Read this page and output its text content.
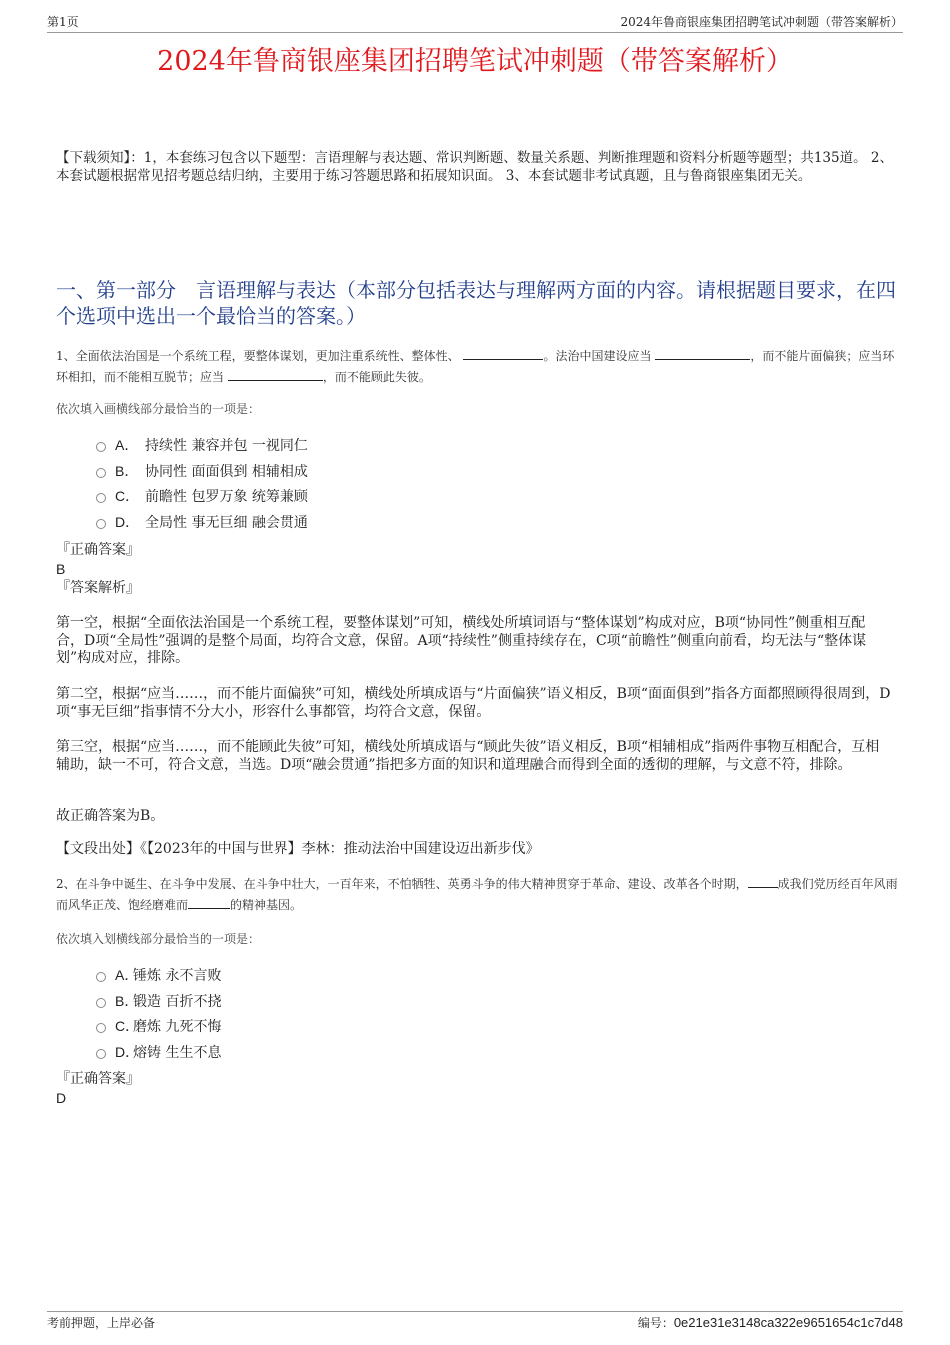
第1页	2024年鲁商银座集团招聘笔试冲刺题（带答案解析）
2024年鲁商银座集团招聘笔试冲刺题（带答案解析）
【下载须知】：1，本套练习包含以下题型：言语理解与表达题、常识判断题、数量关系题、判断推理题和资料分析题等题型；共135道。 2、本套试题根据常见招考题总结归纳，主要用于练习答题思路和拓展知识面。 3、本套试题非考试真题，且与鲁商银座集团无关。
一、第一部分　言语理解与表达（本部分包括表达与理解两方面的内容。请根据题目要求，在四个选项中选出一个最恰当的答案。）
1、全面依法治国是一个系统工程，要整体谋划，更加注重系统性、整体性、	。法治中国建设应当	，而不能片面偏狭；应当环环相扣，而不能相互脱节；应当	，而不能顾此失彼。
依次填入画横线部分最恰当的一项是：
A． 持续性 兼容并包 一视同仁
B． 协同性 面面俱到 相辅相成
C． 前瞻性 包罗万象 统筹兼顾
D． 全局性 事无巨细 融会贯通
『正确答案』
B
『答案解析』
第一空，根据“全面依法治国是一个系统工程，要整体谋划”可知，横线处所填词语与“整体谋划”构成对应，B项“协同性”侧重相互配合，D项“全局性”强调的是整个局面，均符合文意，保留。A项“持续性”侧重持续存在，C项“前瞻性”侧重向前看，均无法与“整体谋划”构成对应，排除。
第二空，根据“应当……，而不能片面偏狭”可知，横线处所填成语与“片面偏狭”语义相反，B项“面面俱到”指各方面都照顾得很周到，D项“事无巨细”指事情不分大小，形容什么事都管，均符合文意，保留。
第三空，根据“应当……，而不能顾此失彼”可知，横线处所填成语与“顾此失彼”语义相反，B项“相辅相成”指两件事物互相配合，互相辅助，缺一不可，符合文意，当选。D项“融会贯通”指把多方面的知识和道理融合而得到全面的透彻的理解，与文意不符，排除。
故正确答案为B。
【文段出处】《【2023年的中国与世界】李林：推动法治中国建设迈出新步伐》
2、在斗争中诞生、在斗争中发展、在斗争中壮大，一百年来，不怕牺牲、英勇斗争的伟大精神贯穿于革命、建设、改革各个时期，	成我们党历经百年风雨而风华正茂、饱经磨难而	的精神基因。
依次填入划横线部分最恰当的一项是：
A．锤炼 永不言败
B．锻造 百折不挠
C．磨炼 九死不悔
D．熔铸 生生不息
『正确答案』
D
考前押题，上岸必备	编号：0e21e31e3148ca322e9651654c1c7d48
